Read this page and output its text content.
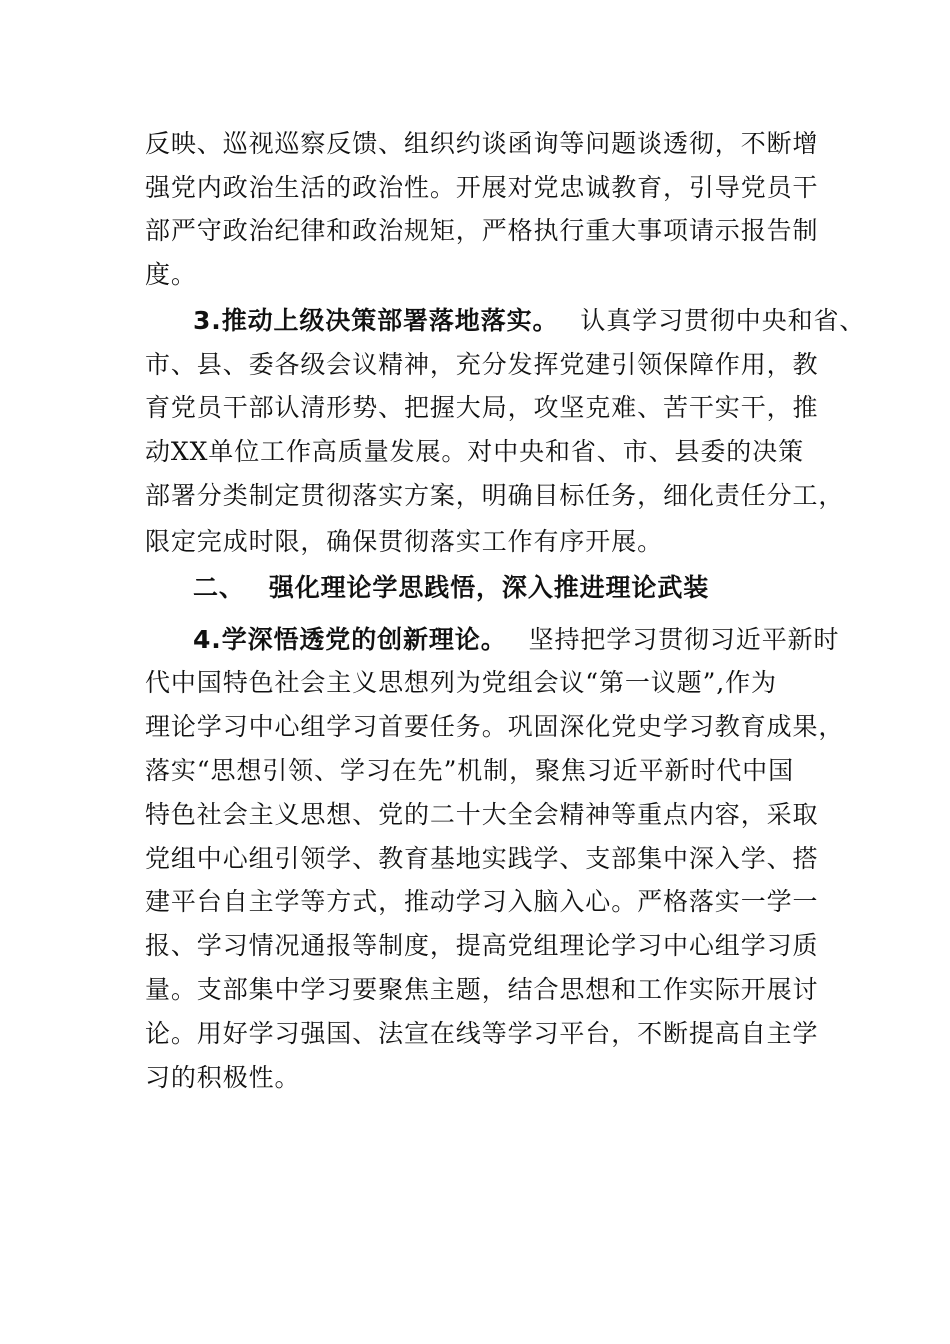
反映、巡视巡察反馈、组织约谈函询等问题谈透彻，不断增
强党内政治生活的政治性。开展对党忠诚教育，引导党员干
部严守政治纪律和政治规矩，严格执行重大事项请示报告制
度。
3.推动上级决策部署落地落实。 认真学习贯彻中央和省、
市、县、委各级会议精神，充分发挥党建引领保障作用，教
育党员干部认清形势、把握大局，攻坚克难、苦干实干，推
动XX单位工作高质量发展。对中央和省、市、县委的决策
部署分类制定贯彻落实方案，明确目标任务，细化责任分工，
限定完成时限，确保贯彻落实工作有序开展。
二、 强化理论学思践悟，深入推进理论武装
4.学深悟透党的创新理论。 坚持把学习贯彻习近平新时
代中国特色社会主义思想列为党组会议“第一议题”,作为
理论学习中心组学习首要任务。巩固深化党史学习教育成果，
落实“思想引领、学习在先”机制，聚焦习近平新时代中国
特色社会主义思想、党的二十大全会精神等重点内容，采取
党组中心组引领学、教育基地实践学、支部集中深入学、搭
建平台自主学等方式，推动学习入脑入心。严格落实一学一
报、学习情况通报等制度，提高党组理论学习中心组学习质
量。支部集中学习要聚焦主题，结合思想和工作实际开展讨
论。用好学习强国、法宣在线等学习平台，不断提高自主学
习的积极性。
